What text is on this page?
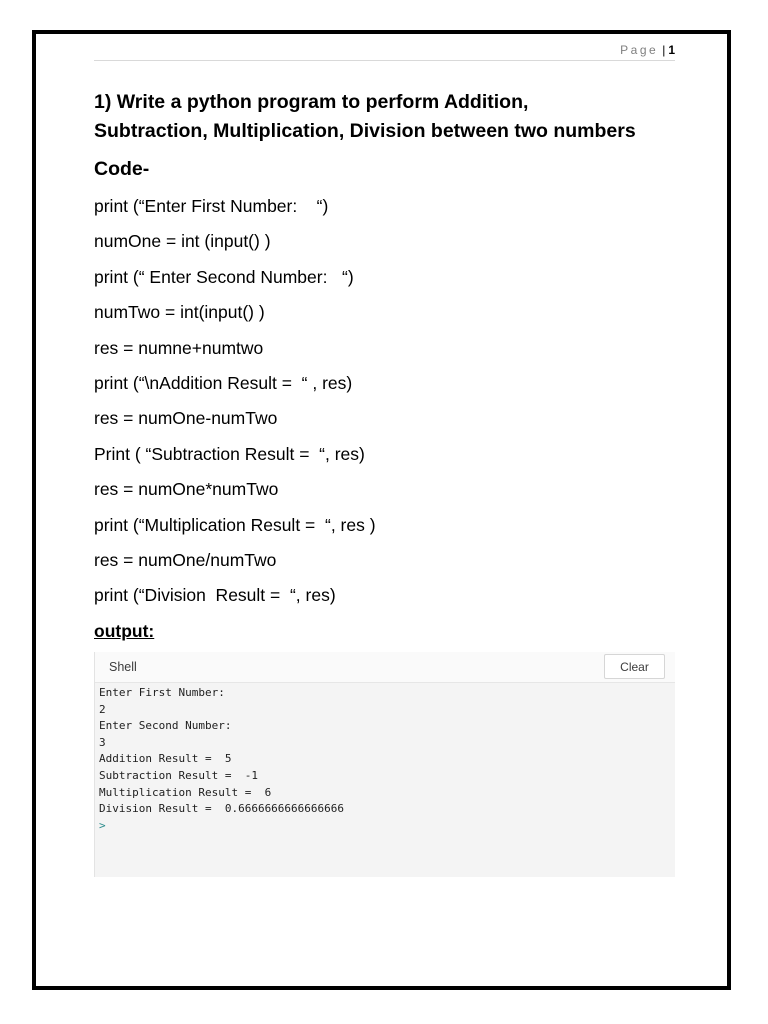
Page | 1
1) Write a python program to perform Addition,
Subtraction, Multiplication, Division between two numbers
Code-
print (“Enter First Number:    “)
numOne = int (input() )
print (“ Enter Second Number:   “)
numTwo = int(input() )
res = numne+numtwo
print (“\nAddition Result =  “ , res)
res = numOne-numTwo
Print ( “Subtraction Result =  “, res)
res = numOne*numTwo
print (“Multiplication Result =  “, res )
res = numOne/numTwo
print (“Division  Result =  “, res)
output:
Shell	Clear
Enter First Number:
2
Enter Second Number:
3
Addition Result =  5
Subtraction Result =  -1
Multiplication Result =  6
Division Result =  0.6666666666666666
>
